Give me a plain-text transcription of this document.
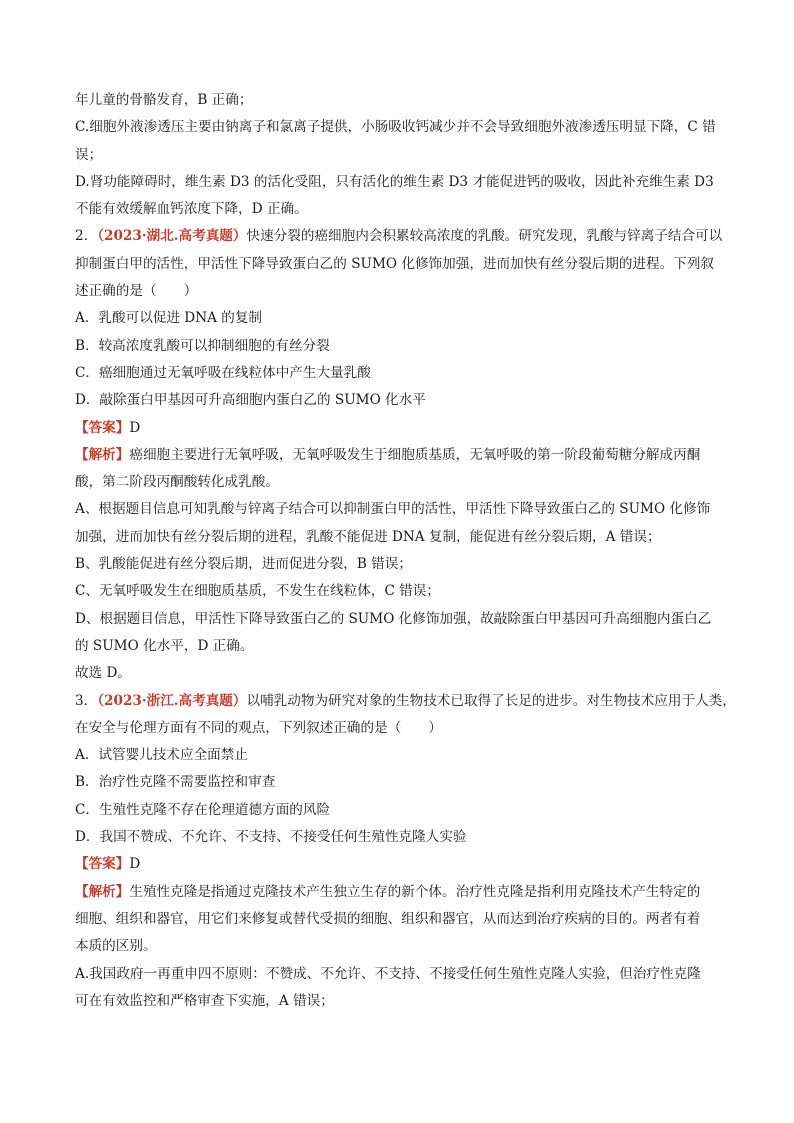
年儿童的骨骼发育，B 正确；
C.细胞外液渗透压主要由钠离子和氯离子提供，小肠吸收钙减少并不会导致细胞外液渗透压明显下降，C 错
误；
D.肾功能障碍时，维生素 D3 的活化受阻，只有活化的维生素 D3 才能促进钙的吸收，因此补充维生素 D3
不能有效缓解血钙浓度下降，D 正确。
2．（2023·湖北.高考真题）快速分裂的癌细胞内会积累较高浓度的乳酸。研究发现，乳酸与锌离子结合可以
抑制蛋白甲的活性，甲活性下降导致蛋白乙的 SUMO 化修饰加强，进而加快有丝分裂后期的进程。下列叙
述正确的是（　　）
A．乳酸可以促进 DNA 的复制
B．较高浓度乳酸可以抑制细胞的有丝分裂
C．癌细胞通过无氧呼吸在线粒体中产生大量乳酸
D．敲除蛋白甲基因可升高细胞内蛋白乙的 SUMO 化水平
【答案】D
【解析】癌细胞主要进行无氧呼吸，无氧呼吸发生于细胞质基质，无氧呼吸的第一阶段葡萄糖分解成丙酮
酸，第二阶段丙酮酸转化成乳酸。
A、根据题目信息可知乳酸与锌离子结合可以抑制蛋白甲的活性，甲活性下降导致蛋白乙的 SUMO 化修饰
加强，进而加快有丝分裂后期的进程，乳酸不能促进 DNA 复制，能促进有丝分裂后期，A 错误；
B、乳酸能促进有丝分裂后期，进而促进分裂，B 错误；
C、无氧呼吸发生在细胞质基质，不发生在线粒体，C 错误；
D、根据题目信息，甲活性下降导致蛋白乙的 SUMO 化修饰加强，故敲除蛋白甲基因可升高细胞内蛋白乙
的 SUMO 化水平，D 正确。
故选 D。
3．（2023·浙江.高考真题）以哺乳动物为研究对象的生物技术已取得了长足的进步。对生物技术应用于人类，
在安全与伦理方面有不同的观点，下列叙述正确的是（　　）
A．试管婴儿技术应全面禁止
B．治疗性克隆不需要监控和审查
C．生殖性克隆不存在伦理道德方面的风险
D．我国不赞成、不允许、不支持、不接受任何生殖性克隆人实验
【答案】D
【解析】生殖性克隆是指通过克隆技术产生独立生存的新个体。治疗性克隆是指利用克隆技术产生特定的
细胞、组织和器官，用它们来修复或替代受损的细胞、组织和器官，从而达到治疗疾病的目的。两者有着
本质的区别。
A.我国政府一再重申四不原则：不赞成、不允许、不支持、不接受任何生殖性克隆人实验，但治疗性克隆
可在有效监控和严格审查下实施，A 错误；
